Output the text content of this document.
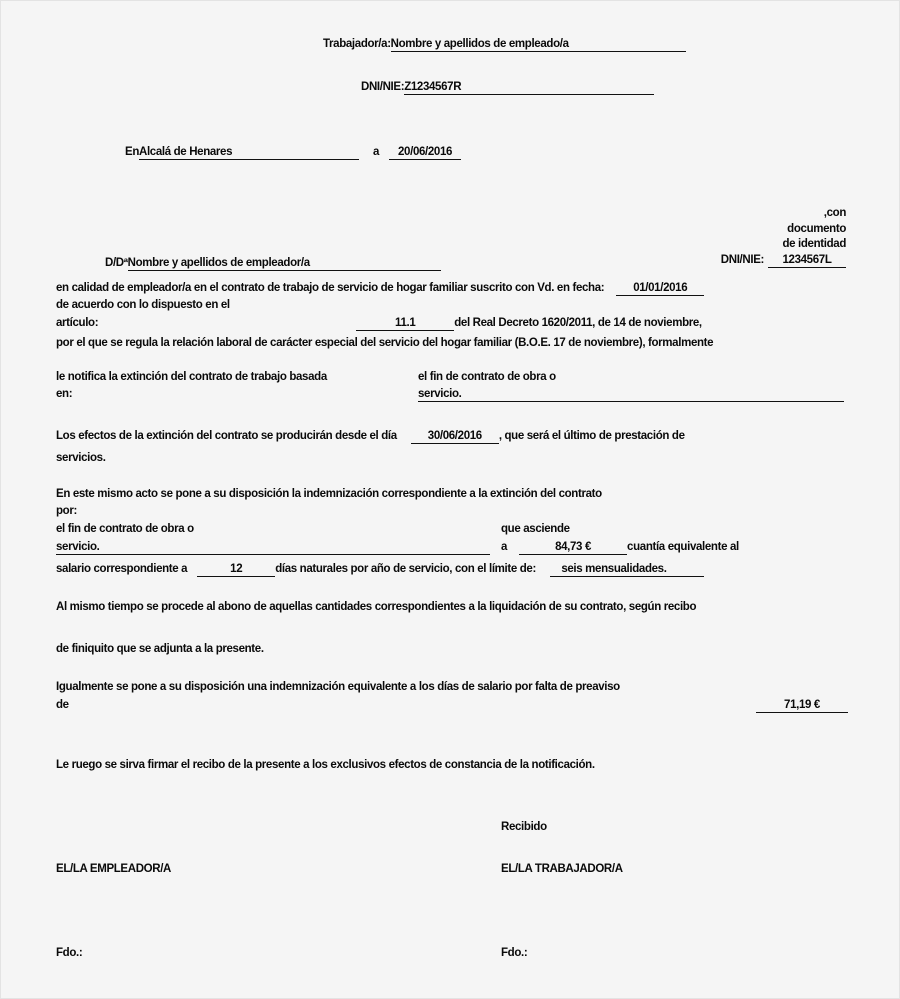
Trabajador/a:Nombre y apellidos de empleado/a
DNI/NIE:Z1234567R
EnAlcalá de Henares	a 20/06/2016
,con
documento
de identidad
DNI/NIE: 1234567L
D/DªNombre y apellidos de empleador/a
en calidad de empleador/a en el contrato de trabajo de servicio de hogar familiar suscrito con Vd. en fecha:	01/01/2016
de acuerdo con lo dispuesto en el
artículo:	11.1	del Real Decreto 1620/2011, de 14 de noviembre,
por el que se regula la relación laboral de carácter especial del servicio del hogar familiar (B.O.E. 17 de noviembre), formalmente
le notifica la extinción del contrato de trabajo basada
en:
el fin de contrato de obra o
servicio.
Los efectos de la extinción del contrato se producirán desde el día	30/06/2016 , que será el último de prestación de
servicios.
En este mismo acto se pone a su disposición la indemnización correspondiente a la extinción del contrato
por:
el fin de contrato de obra o
servicio.
que asciende
a	84,73 €	cuantía equivalente al
salario correspondiente a	12	días naturales por año de servicio, con el límite de: seis mensualidades.
Al mismo tiempo se procede al abono de aquellas cantidades correspondientes a la liquidación de su contrato, según recibo
de finiquito que se adjunta a la presente.
Igualmente se pone a su disposición una indemnización equivalente a los días de salario por falta de preaviso
de	71,19 €
Le ruego se sirva firmar el recibo de la presente a los exclusivos efectos de constancia de la notificación.
Recibido
EL/LA EMPLEADOR/A	EL/LA TRABAJADOR/A
Fdo.:	Fdo.:
